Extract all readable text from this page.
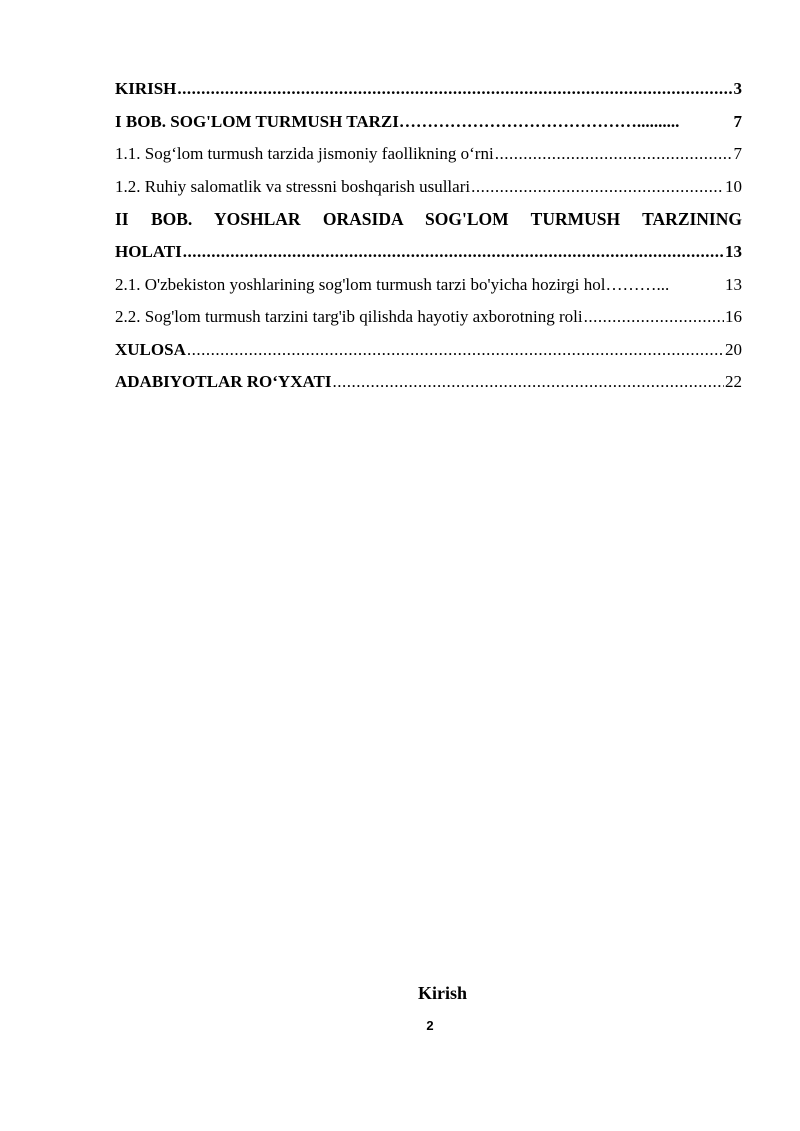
KIRISH .....	3
I BOB. SOG'LOM TURMUSH TARZI ……………………………………..........	7
1.1. Sog‘lom turmush tarzida jismoniy faollikning o‘rni .....	7
1.2. Ruhiy salomatlik va stressni boshqarish usullari .....	10
II BOB. YOSHLAR ORASIDA SOG'LOM TURMUSH TARZINING
HOLATI .....	13
2.1. O'zbekiston yoshlarining sog'lom turmush tarzi bo'yicha hozirgi hol ………...	13
2.2. Sog'lom turmush tarzini targ'ib qilishda hayotiy axborotning roli .....	16
XULOSA .....	20
ADABIYOTLAR RO‘YXATI .....	22
Kirish
2
